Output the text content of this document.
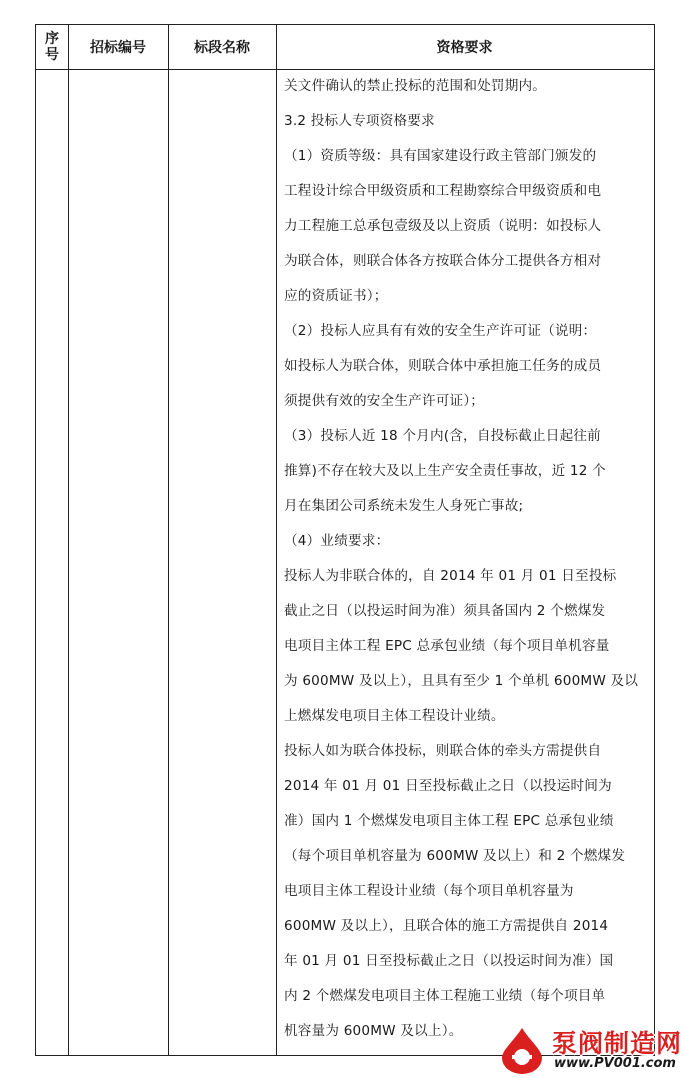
序
号	招标编号	标段名称	资格要求
关文件确认的禁止投标的范围和处罚期内。
3.2 投标人专项资格要求
（1）资质等级：具有国家建设行政主管部门颁发的
工程设计综合甲级资质和工程勘察综合甲级资质和电
力工程施工总承包壹级及以上资质（说明：如投标人
为联合体，则联合体各方按联合体分工提供各方相对
应的资质证书）；
（2）投标人应具有有效的安全生产许可证（说明：
如投标人为联合体，则联合体中承担施工任务的成员
须提供有效的安全生产许可证）；
（3）投标人近 18 个月内(含，自投标截止日起往前
推算)不存在较大及以上生产安全责任事故，近 12 个
月在集团公司系统未发生人身死亡事故;
（4）业绩要求：
投标人为非联合体的，自 2014 年 01 月 01 日至投标
截止之日（以投运时间为准）须具备国内 2 个燃煤发
电项目主体工程 EPC 总承包业绩（每个项目单机容量
为 600MW 及以上），且具有至少 1 个单机 600MW 及以
上燃煤发电项目主体工程设计业绩。
投标人如为联合体投标，则联合体的牵头方需提供自
2014 年 01 月 01 日至投标截止之日（以投运时间为
准）国内 1 个燃煤发电项目主体工程 EPC 总承包业绩
（每个项目单机容量为 600MW 及以上）和 2 个燃煤发
电项目主体工程设计业绩（每个项目单机容量为
600MW 及以上），且联合体的施工方需提供自 2014
年 01 月 01 日至投标截止之日（以投运时间为准）国
内 2 个燃煤发电项目主体工程施工业绩（每个项目单
机容量为 600MW 及以上）。	泵阀制造网
www.PV001.com
